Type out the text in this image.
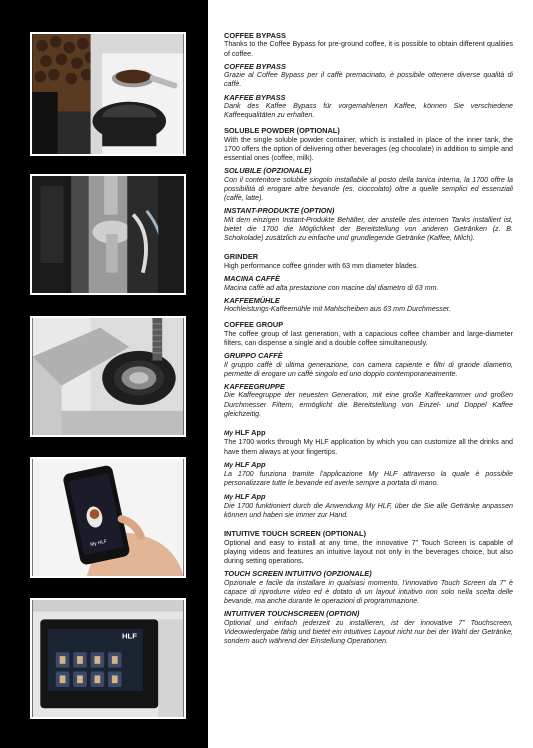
My HLF
HLF
COFFEE BYPASS
Thanks to the Coffee Bypass for pre-ground coffee, it is possible to obtain different qualities of coffee.
COFFEE BYPASS
Grazie al Coffee Bypass per il caffè premacinato, è possibile ottenere diverse qualità di caffè.
KAFFEE BYPASS
Dank des Kaffee Bypass für vorgemahlenen Kaffee, können Sie verschiedene Kaffeequalitäten zu erhalten.
SOLUBLE POWDER (OPTIONAL)
With the single soluble powder container, which is installed in place of the inner tank, the 1700 offers the option of delivering other beverages (eg chocolate) in addition to simple and essential ones (coffee, milk).
SOLUBILE (OPZIONALE)
Con il contenitore solubile singolo installabile al posto della tanica interna, la 1700 offre la possibilità di erogare altre bevande (es. cioccolato) oltre a quelle semplici ed essenziali (caffè, latte).
INSTANT-PRODUKTE (OPTION)
Mit dem einzigen Instant-Produkte Behälter, der anstelle des internen Tanks installiert ist, bietet die 1700 die Möglichkeit der Bereitstellung von anderen Getränken (z. B. Schokolade) zusätzlich zu einfache und grundlegende Getränke (Kaffee, Milch).
GRINDER
High performance coffee grinder with 63 mm diameter blades.
MACINA CAFFÈ
Macina caffè ad alta prestazione con macine dal diametro di 63 mm.
KAFFEEMÜHLE
Hochleistungs-Kaffeemühle mit Mahlscheiben aus 63 mm Durchmesser.
COFFEE GROUP
The coffee group of last generation, with a capacious coffee chamber and large-diameter filters, can dispense a single and a double coffee simultaneously.
GRUPPO CAFFÈ
Il gruppo caffè di ultima generazione, con camera capiente e filtri di grande diametro, permette di erogare un caffè singolo ed uno doppio contemporaneamente.
KAFFEEGRUPPE
Die Kaffeegruppe der neuesten Generation, mit eine große Kaffeekammer und großen Durchmesser Filtern, ermöglicht die Bereitstellung von Einzel- und Doppel Kaffee gleichzeitig.
My HLF App
The 1700 works through My HLF application by which you can customize all the drinks and have them always at your fingertips.
My HLF App
La 1700 funziona tramite l’applicazione My HLF attraverso la quale è possibile personalizzare tutte le bevande ed averle sempre a portata di mano.
My HLF App
Die 1700 funktioniert durch die Anwendung My HLF, über die Sie alle Getränke anpassen können und haben sie immer zur Hand.
INTUITIVE TOUCH SCREEN (OPTIONAL)
Optional and easy to install at any time, the innovative 7” Touch Screen is capable of playing videos and features an intuitive layout not only in the beverages choice, but also during setting operations.
TOUCH SCREEN INTUITIVO (OPZIONALE)
Opzionale e facile da installare in qualsiasi momento, l’innovativo Touch Screen da 7” è capace di riprodurre video ed è dotato di un layout intuitivo non solo nella scelta delle bevande, ma anche durante le operazioni di programmazione.
INTUITIVER TOUCHSCREEN (OPTION)
Optional und einfach jederzeit zu installieren, ist der innovative 7” Touchscreen, Videowiedergabe fähig und bietet ein intuitives Layout nicht nur bei der Wahl der Getränke, sondern auch während der Einstellung Operationen.
